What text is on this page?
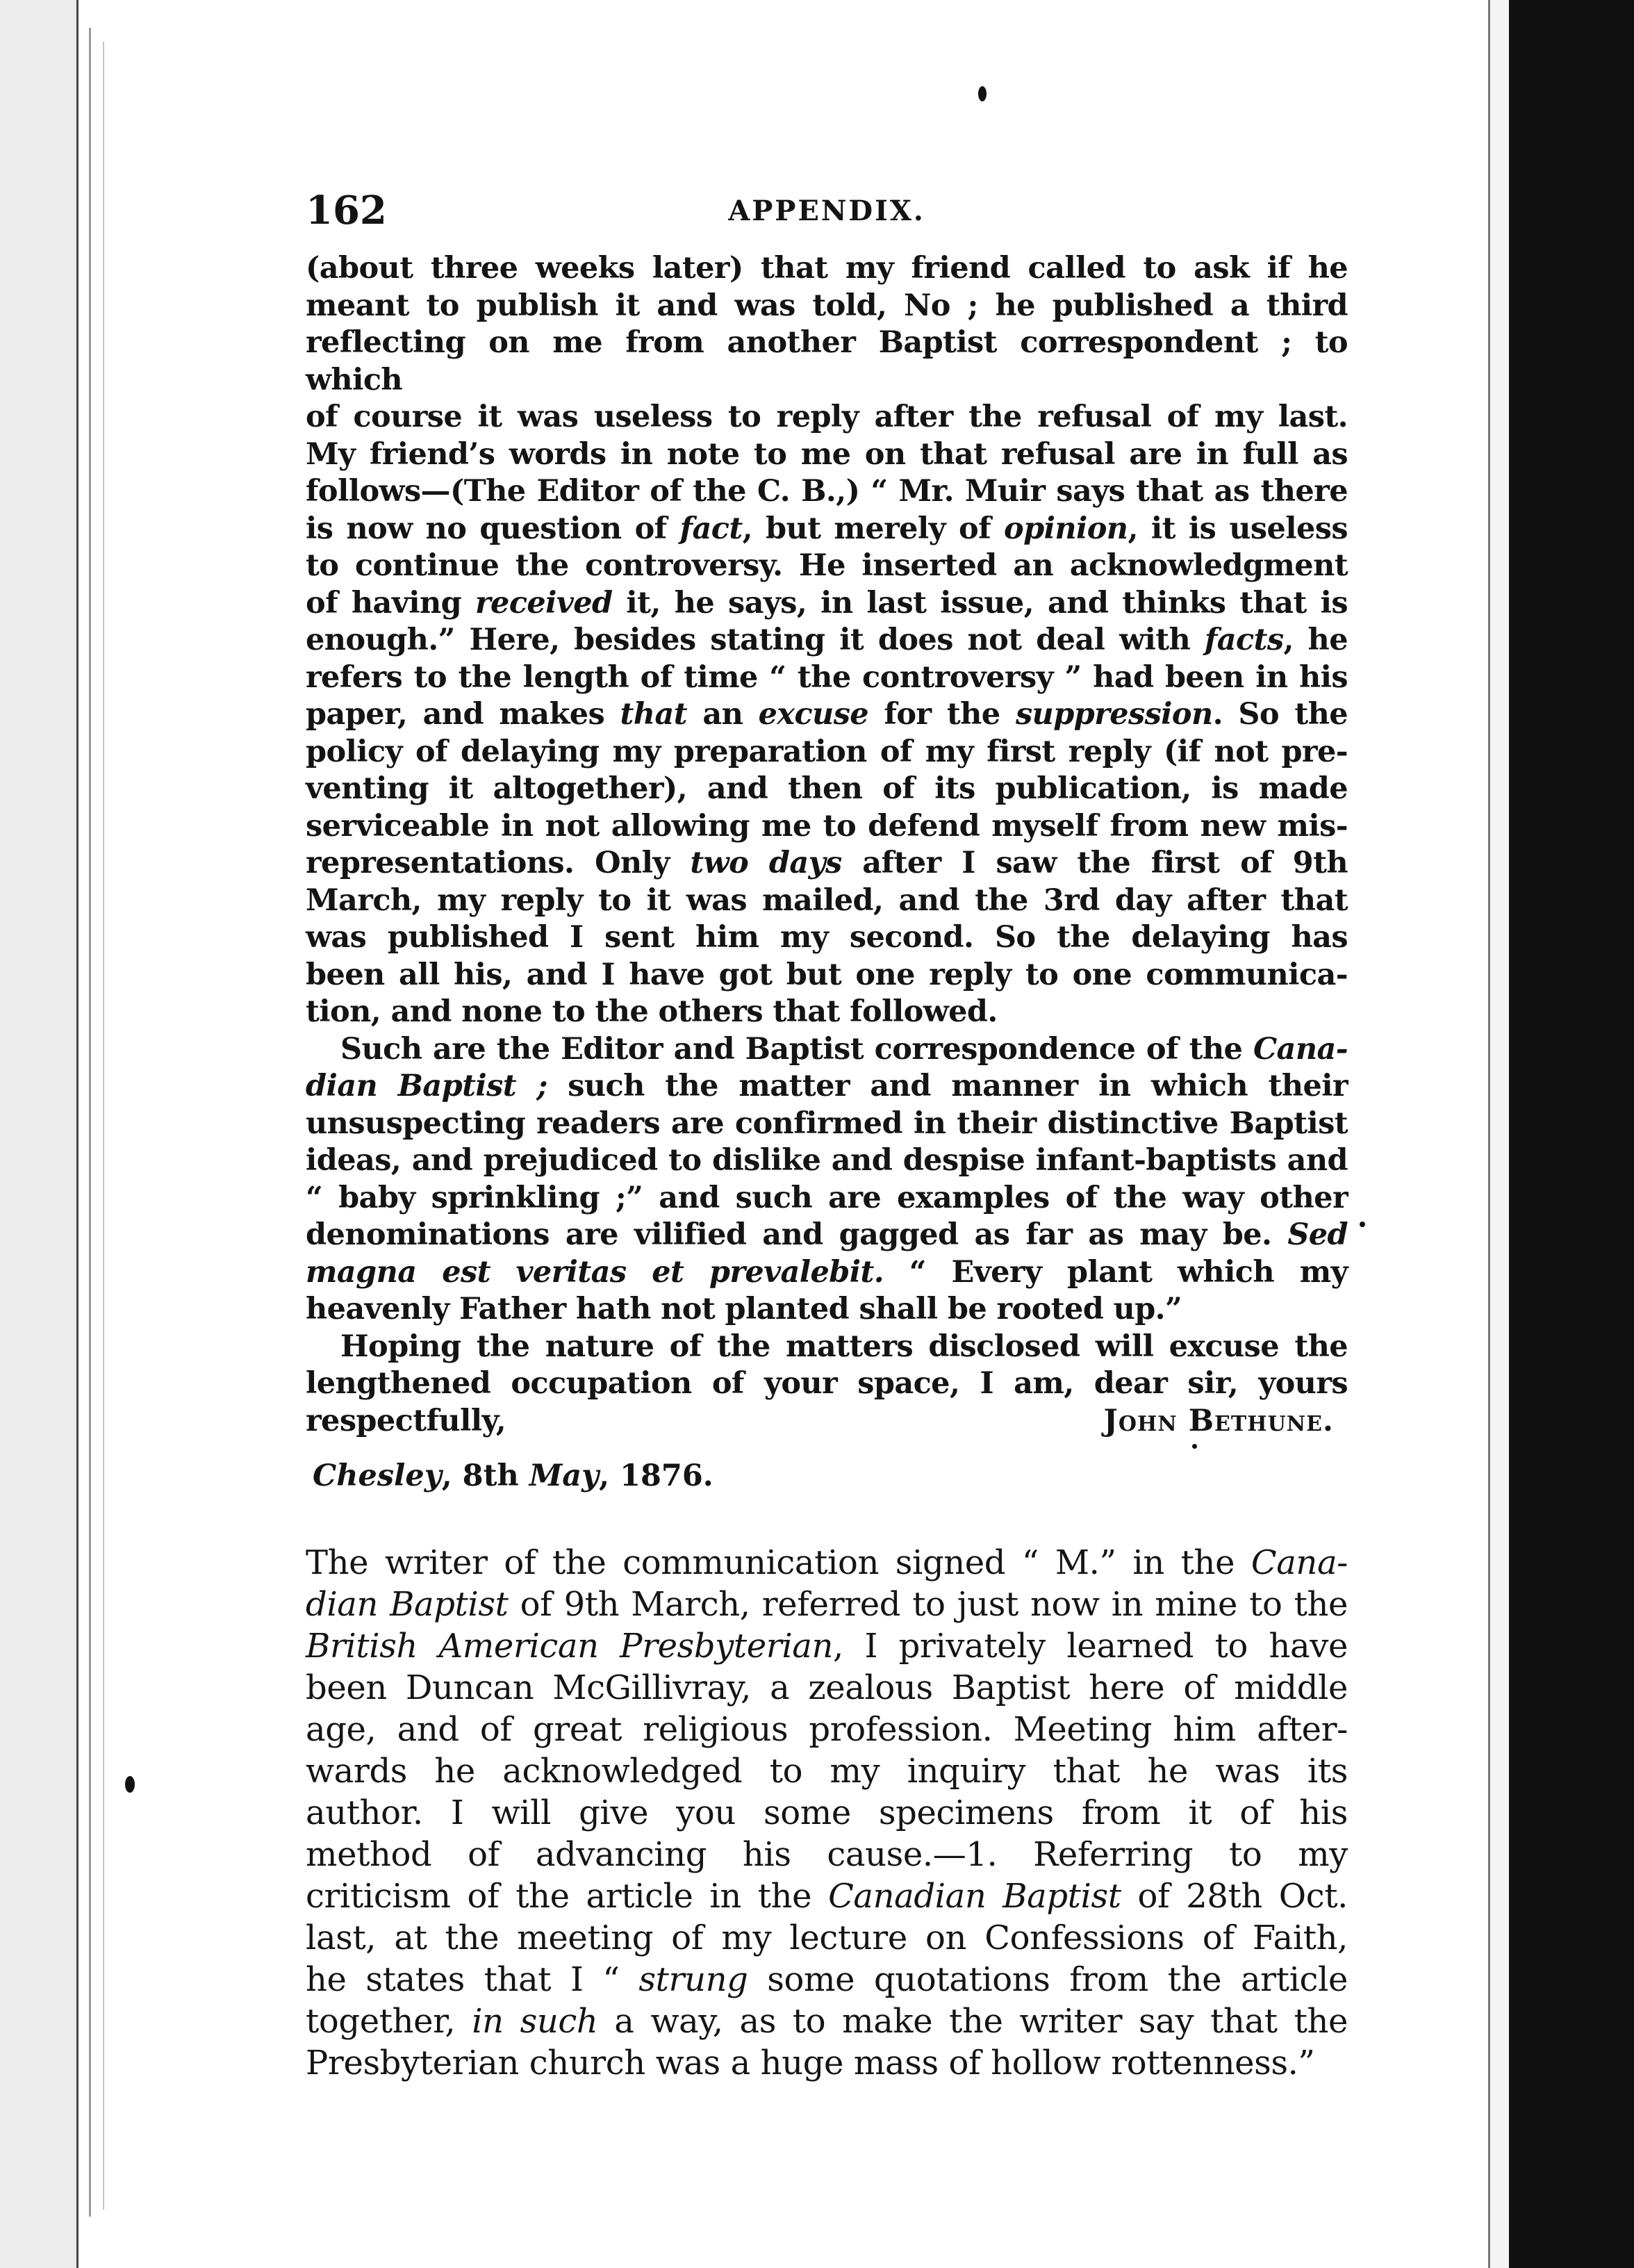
162	APPENDIX.

(about three weeks later) that my friend called to ask if he
meant to publish it and was told, No ; he published a third
reflecting on me from another Baptist correspondent ; to which
of course it was useless to reply after the refusal of my last.
My friend’s words in note to me on that refusal are in full as
follows—(The Editor of the C. B.,) “ Mr. Muir says that as there
is now no question of fact, but merely of opinion, it is useless
to continue the controversy. He inserted an acknowledgment
of having received it, he says, in last issue, and thinks that is
enough.” Here, besides stating it does not deal with facts, he
refers to the length of time “ the controversy ” had been in his
paper, and makes that an excuse for the suppression. So the
policy of delaying my preparation of my first reply (if not pre-
venting it altogether), and then of its publication, is made
serviceable in not allowing me to defend myself from new mis-
representations. Only two days after I saw the first of 9th
March, my reply to it was mailed, and the 3rd day after that
was published I sent him my second. So the delaying has
been all his, and I have got but one reply to one communica-
tion, and none to the others that followed.

Such are the Editor and Baptist correspondence of the Cana-
dian Baptist ; such the matter and manner in which their
unsuspecting readers are confirmed in their distinctive Baptist
ideas, and prejudiced to dislike and despise infant-baptists and
“ baby sprinkling ;” and such are examples of the way other
denominations are vilified and gagged as far as may be. Sed
magna est veritas et prevalebit. “ Every plant which my
heavenly Father hath not planted shall be rooted up.”

Hoping the nature of the matters disclosed will excuse the
lengthened occupation of your space, I am, dear sir, yours

respectfully,	John Bethune.
Chesley, 8th May, 1876.

The writer of the communication signed “ M.” in the Cana-
dian Baptist of 9th March, referred to just now in mine to the
British American Presbyterian, I privately learned to have
been Duncan McGillivray, a zealous Baptist here of middle
age, and of great religious profession. Meeting him after-
wards he acknowledged to my inquiry that he was its
author. I will give you some specimens from it of his
method of advancing his cause.—1. Referring to my
criticism of the article in the Canadian Baptist of 28th Oct.
last, at the meeting of my lecture on Confessions of Faith,
he states that I “ strung some quotations from the article
together, in such a way, as to make the writer say that the
Presbyterian church was a huge mass of hollow rottenness.”
